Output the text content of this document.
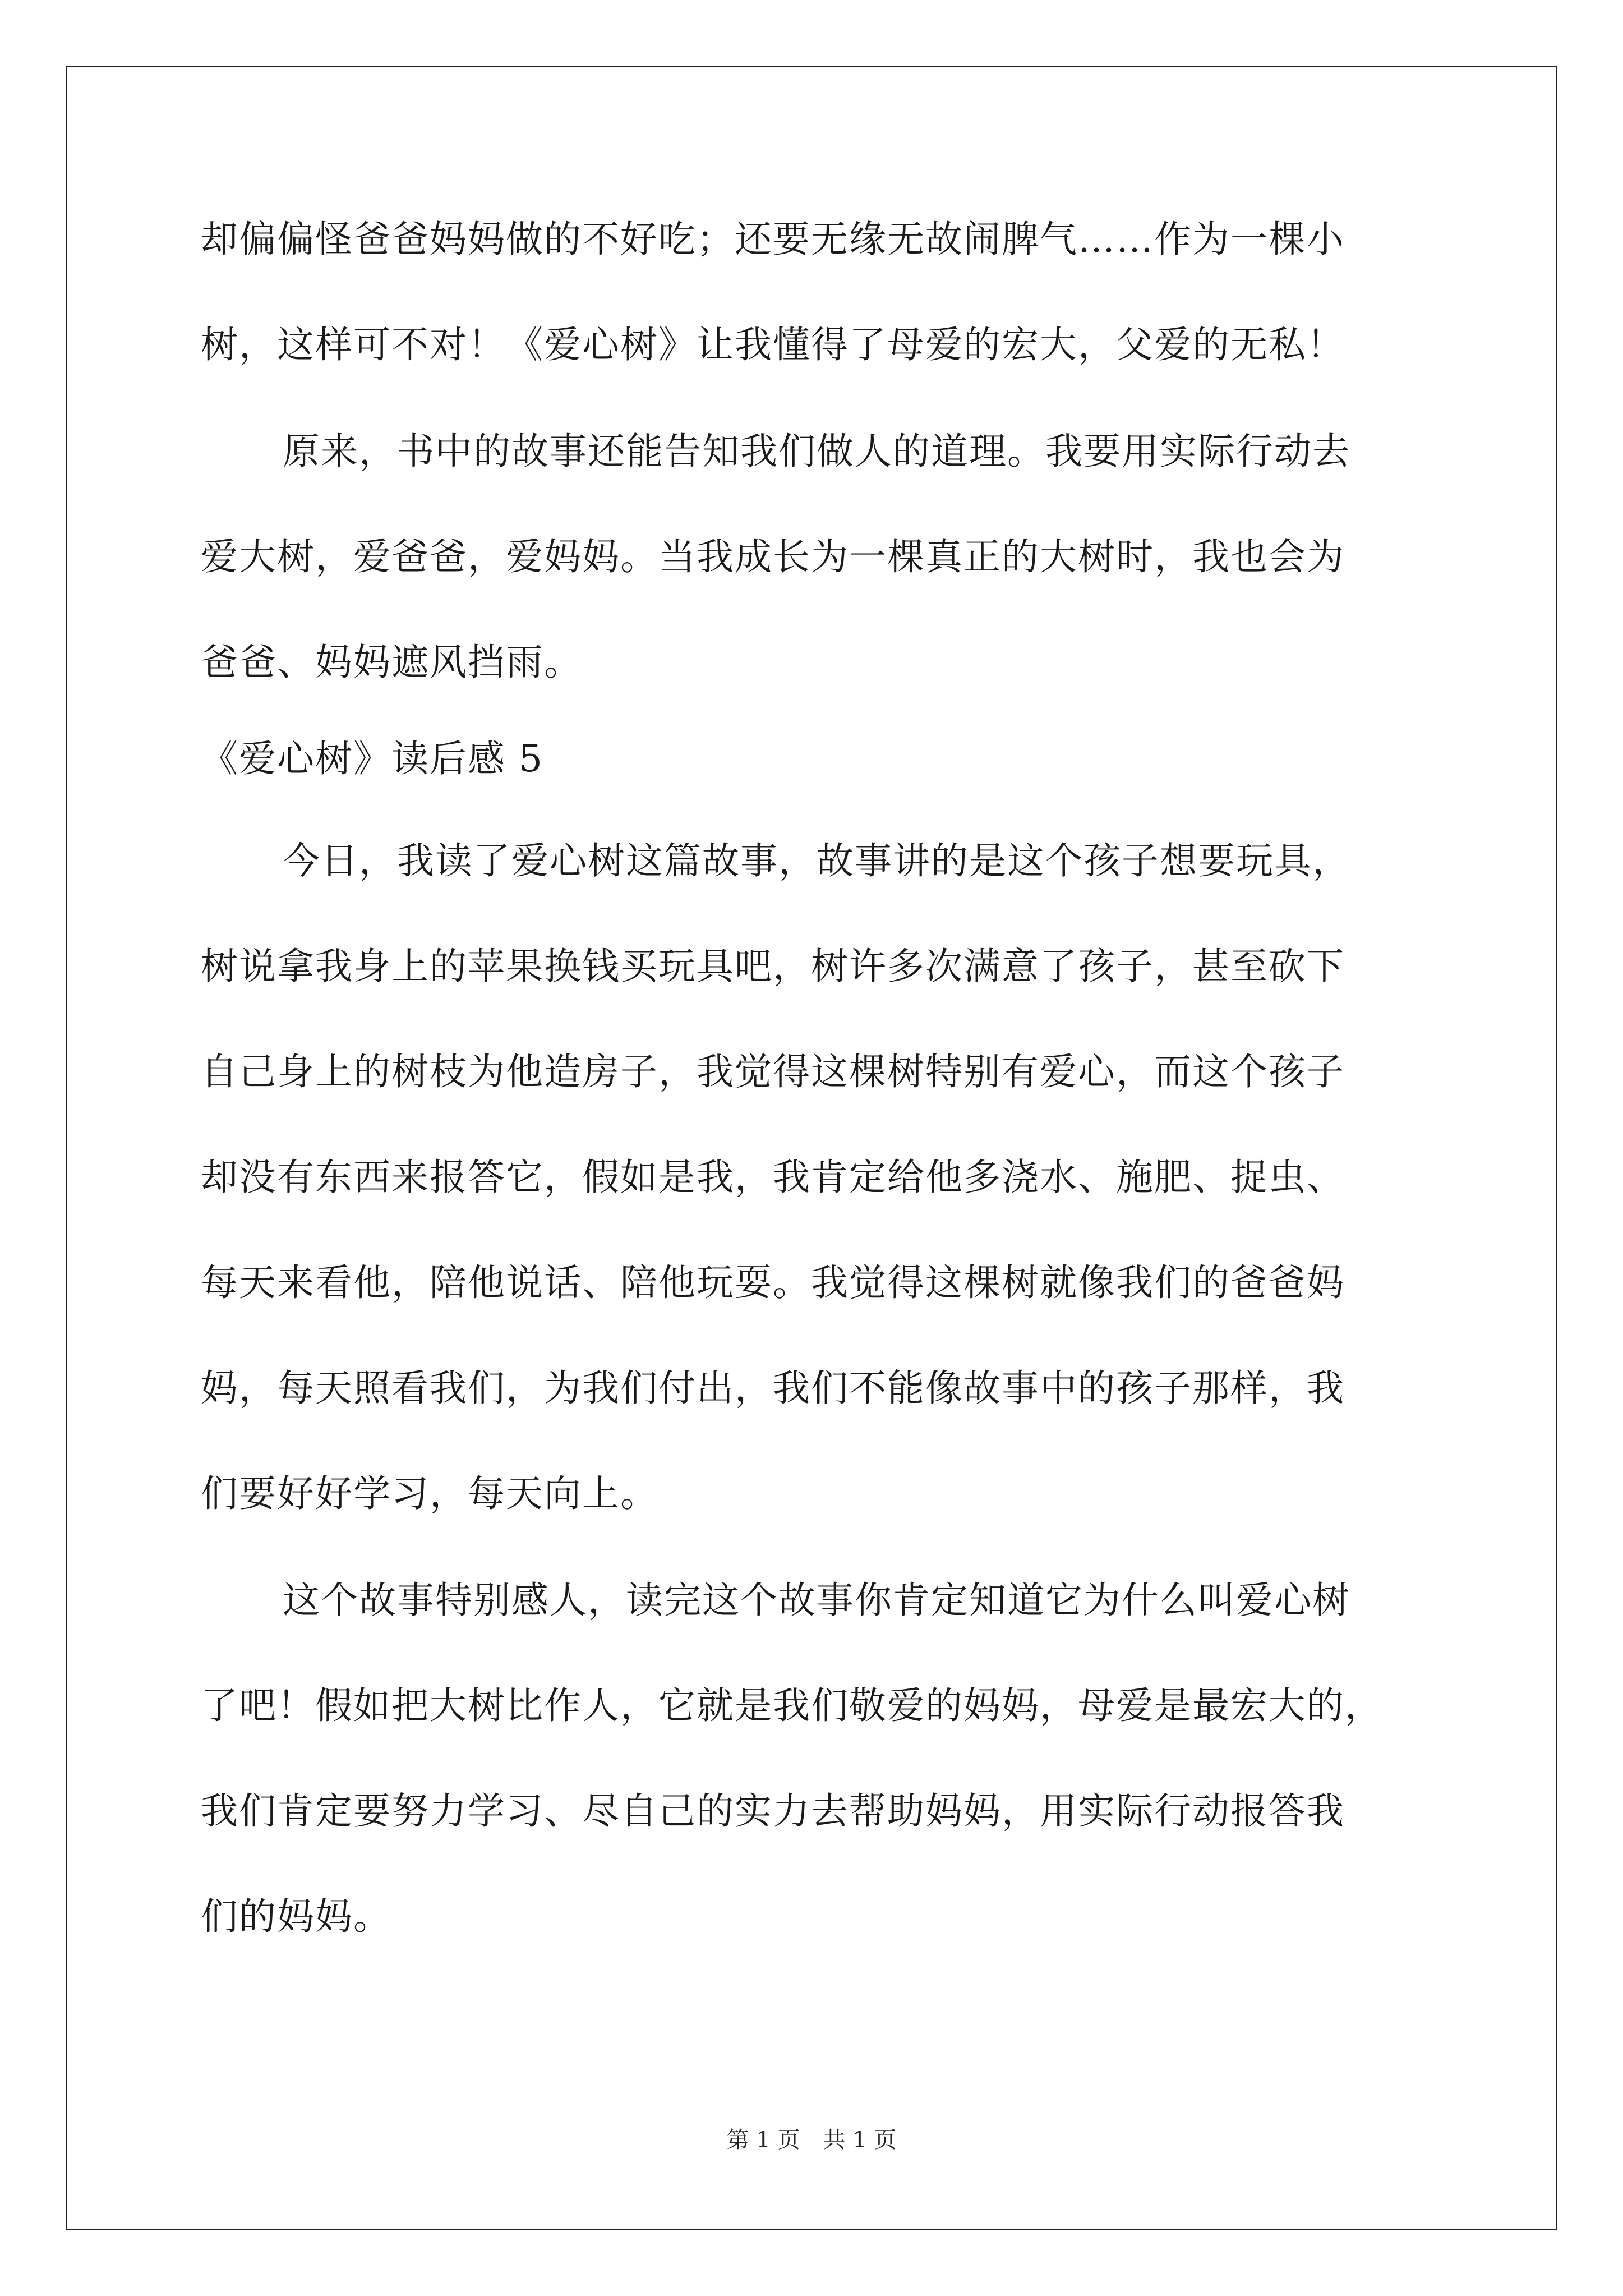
却偏偏怪爸爸妈妈做的不好吃；还要无缘无故闹脾气……作为一棵小
树，这样可不对！《爱心树》让我懂得了母爱的宏大，父爱的无私！
原来，书中的故事还能告知我们做人的道理。我要用实际行动去
爱大树，爱爸爸，爱妈妈。当我成长为一棵真正的大树时，我也会为
爸爸、妈妈遮风挡雨。
《爱心树》读后感 5
今日，我读了爱心树这篇故事，故事讲的是这个孩子想要玩具，
树说拿我身上的苹果换钱买玩具吧，树许多次满意了孩子，甚至砍下
自己身上的树枝为他造房子，我觉得这棵树特别有爱心，而这个孩子
却没有东西来报答它，假如是我，我肯定给他多浇水、施肥、捉虫、
每天来看他，陪他说话、陪他玩耍。我觉得这棵树就像我们的爸爸妈
妈，每天照看我们，为我们付出，我们不能像故事中的孩子那样，我
们要好好学习，每天向上。
这个故事特别感人，读完这个故事你肯定知道它为什么叫爱心树
了吧！假如把大树比作人，它就是我们敬爱的妈妈，母爱是最宏大的，
我们肯定要努力学习、尽自己的实力去帮助妈妈，用实际行动报答我
们的妈妈。
第 1 页 共 1 页
